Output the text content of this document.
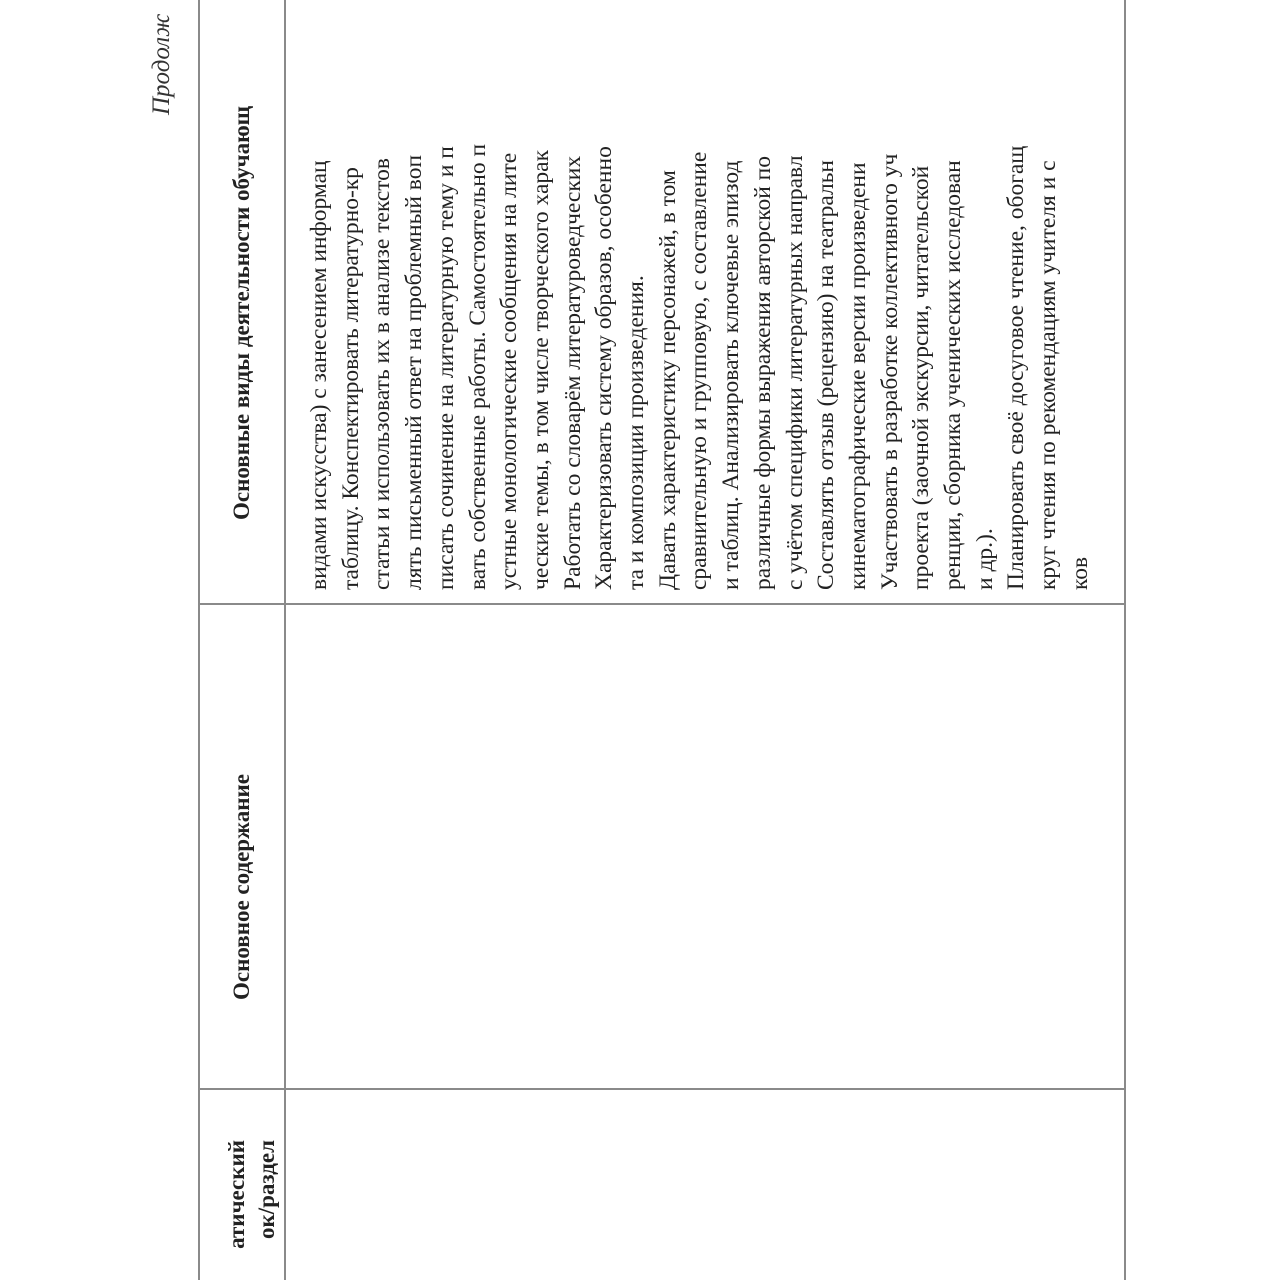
Продолж
атический ок/раздел
Основное содержание
Основные виды деятельности обучающ видами искусства) с занесением информац таблицу. Конспектировать литературно-кр статьи и использовать их в анализе текстов лять письменный ответ на проблемный воп писать сочинение на литературную тему и п вать собственные работы. Самостоятельно п устные монологические сообщения на лите ческие темы, в том числе творческого харак Работать со словарём литературоведческих Характеризовать систему образов, особенно та и композиции произведения. Давать характеристику персонажей, в том сравнительную и групповую, с составление и таблиц. Анализировать ключевые эпизод различные формы выражения авторской по с учётом специфики литературных направл Составлять отзыв (рецензию) на театральн кинематографические версии произведени Участвовать в разработке коллективного уч проекта (заочной экскурсии, читательской ренции, сборника ученических исследован и др.). Планировать своё досуговое чтение, обогащ круг чтения по рекомендациям учителя и с ков
